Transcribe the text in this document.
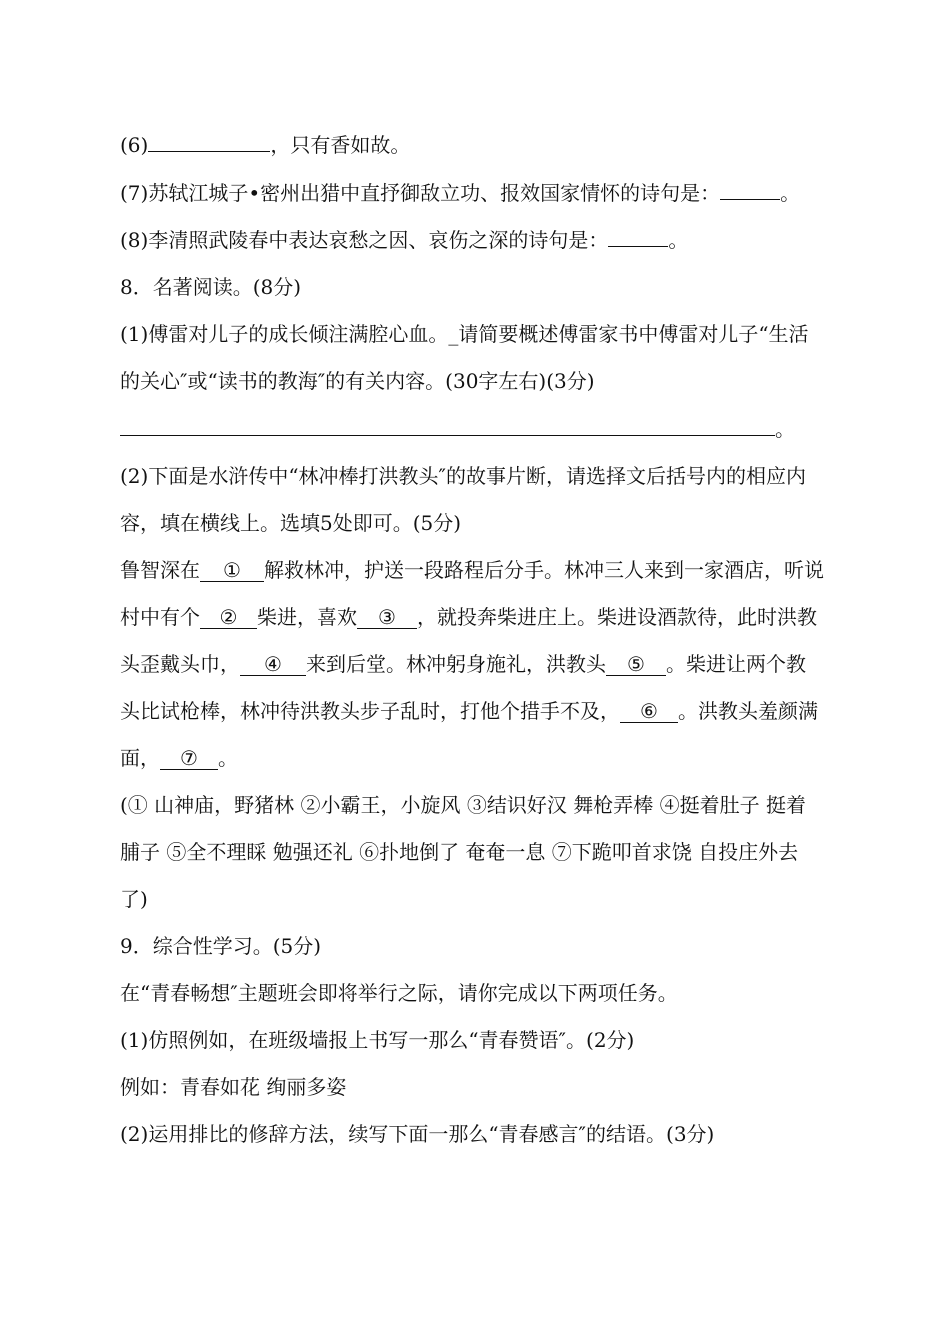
(6)	，只有香如故。
(7)苏轼江城子•密州出猎中直抒御敌立功、报效国家情怀的诗句是：	。
(8)李清照武陵春中表达哀愁之因、哀伤之深的诗句是：	。
8．名著阅读。(8分)
(1)傅雷对儿子的成长倾注满腔心血。_请简要概述傅雷家书中傅雷对儿子“生活
的关心″或“读书的教海″的有关内容。(30字左右)(3分)
。
(2)下面是水浒传中“林冲棒打洪教头″的故事片断，请选择文后括号内的相应内
容，填在横线上。选填5处即可。(5分)
鲁智深在 ① 解救林冲，护送一段路程后分手。林冲三人来到一家酒店，听说
村中有个 ② 柴进，喜欢 ③ ，就投奔柴进庄上。柴进设酒款待，此时洪教
头歪戴头巾， ④ 来到后堂。林冲躬身施礼，洪教头 ⑤ 。柴进让两个教
头比试枪棒，林冲待洪教头步子乱时，打他个措手不及， ⑥ 。洪教头羞颜满
面， ⑦ 。
(① 山神庙，野猪林 ②小霸王，小旋风 ③结识好汉 舞枪弄棒 ④挺着肚子 挺着
脯子 ⑤全不理睬 勉强还礼 ⑥扑地倒了 奄奄一息 ⑦下跪叩首求饶 自投庄外去
了)
9．综合性学习。(5分)
在“青春畅想″主题班会即将举行之际，请你完成以下两项任务。
(1)仿照例如，在班级墙报上书写一那么“青春赞语″。(2分)
例如：青春如花 绚丽多姿
(2)运用排比的修辞方法，续写下面一那么“青春感言″的结语。(3分)
